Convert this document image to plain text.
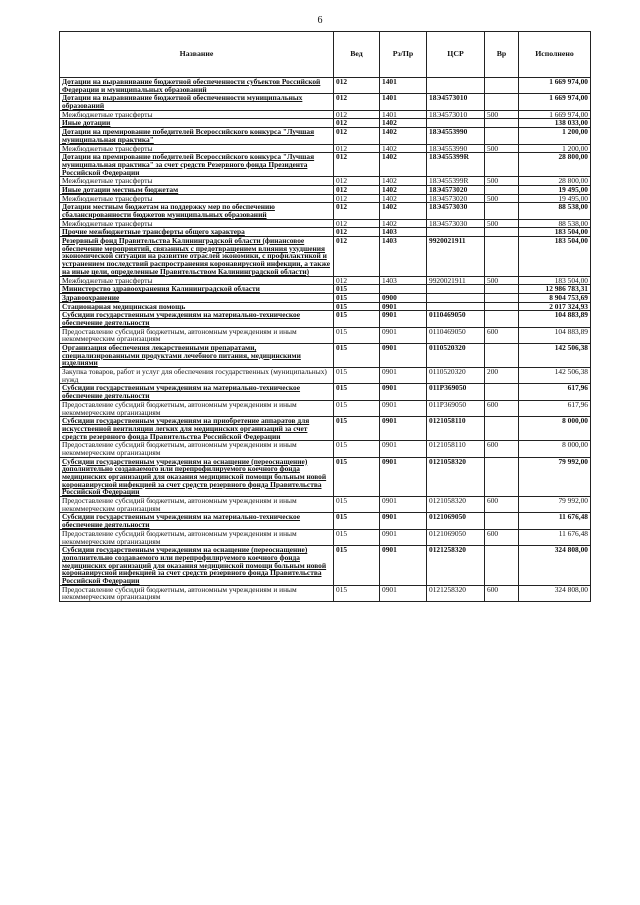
6
Название	Вед	Рз/Пр	ЦСР	Вр	Исполнено
Дотации на выравнивание бюджетной обеспеченности субъектов Российской Федерации и муниципальных образований	012	1401			1 669 974,00
Дотации на выравнивание бюджетной обеспеченности муниципальных образований	012	1401	18Э4573010		1 669 974,00
Межбюджетные трансферты	012	1401	18Э4573010	500	1 669 974,00
Иные дотации	012	1402			138 033,00
Дотации на премирование победителей Всероссийского конкурса "Лучшая муниципальная практика"	012	1402	18Э4553990		1 200,00
Межбюджетные трансферты	012	1402	18Э4553990	500	1 200,00
Дотации на премирование победителей Всероссийского конкурса "Лучшая муниципальная практика" за счет средств Резервного фонда Президента Российской Федерации	012	1402	18Э455399R		28 800,00
Межбюджетные трансферты	012	1402	18Э455399R	500	28 800,00
Иные дотации местным бюджетам	012	1402	18Э4573020		19 495,00
Межбюджетные трансферты	012	1402	18Э4573020	500	19 495,00
Дотации местным бюджетам на поддержку мер по обеспечению сбалансированности бюджетов муниципальных образований	012	1402	18Э4573030		88 538,00
Межбюджетные трансферты	012	1402	18Э4573030	500	88 538,00
Прочие межбюджетные трансферты общего характера	012	1403			183 504,00
Резервный фонд Правительства Калининградской области (финансовое обеспечение мероприятий, связанных с предотвращением влияния ухудшения экономической ситуации на развитие отраслей экономики, с профилактикой и устранением последствий распространения коронавирусной инфекции, а также на иные цели, определенные Правительством Калининградской области)	012	1403	9920021911		183 504,00
Межбюджетные трансферты	012	1403	9920021911	500	183 504,00
Министерство здравоохранения Калининградской области	015				12 986 783,31
Здравоохранение	015	0900			8 904 753,69
Стационарная медицинская помощь	015	0901			2 017 324,93
Субсидии государственным учреждениям на материально-техническое обеспечение деятельности	015	0901	0110469050		104 883,89
Предоставление субсидий бюджетным, автономным учреждениям и иным некоммерческим организациям	015	0901	0110469050	600	104 883,89
Организация обеспечения лекарственными препаратами, специализированными продуктами лечебного питания, медицинскими изделиями	015	0901	0110520320		142 506,38
Закупка товаров, работ и услуг для обеспечения государственных (муниципальных) нужд	015	0901	0110520320	200	142 506,38
Субсидии государственным учреждениям на материально-техническое обеспечение деятельности	015	0901	011P369050		617,96
Предоставление субсидий бюджетным, автономным учреждениям и иным некоммерческим организациям	015	0901	011P369050	600	617,96
Субсидии государственным учреждениям на приобретение аппаратов для искусственной вентиляции легких для медицинских организаций за счет средств резервного фонда Правительства Российской Федерации	015	0901	0121058110		8 000,00
Предоставление субсидий бюджетным, автономным учреждениям и иным некоммерческим организациям	015	0901	0121058110	600	8 000,00
Субсидии государственным учреждениям на оснащение (переоснащение) дополнительно создаваемого или перепрофилируемого коечного фонда медицинских организаций для оказания медицинской помощи больным новой коронавирусной инфекцией за счет средств резервного фонда Правительства Российской Федерации	015	0901	0121058320		79 992,00
Предоставление субсидий бюджетным, автономным учреждениям и иным некоммерческим организациям	015	0901	0121058320	600	79 992,00
Субсидии государственным учреждениям на материально-техническое обеспечение деятельности	015	0901	0121069050		11 676,48
Предоставление субсидий бюджетным, автономным учреждениям и иным некоммерческим организациям	015	0901	0121069050	600	11 676,48
Субсидии государственным учреждениям на оснащение (переоснащение) дополнительно создаваемого или перепрофилируемого коечного фонда медицинских организаций для оказания медицинской помощи больным новой коронавирусной инфекцией за счет средств резервного фонда Правительства Российской Федерации	015	0901	0121258320		324 808,00
Предоставление субсидий бюджетным, автономным учреждениям и иным некоммерческим организациям	015	0901	0121258320	600	324 808,00
